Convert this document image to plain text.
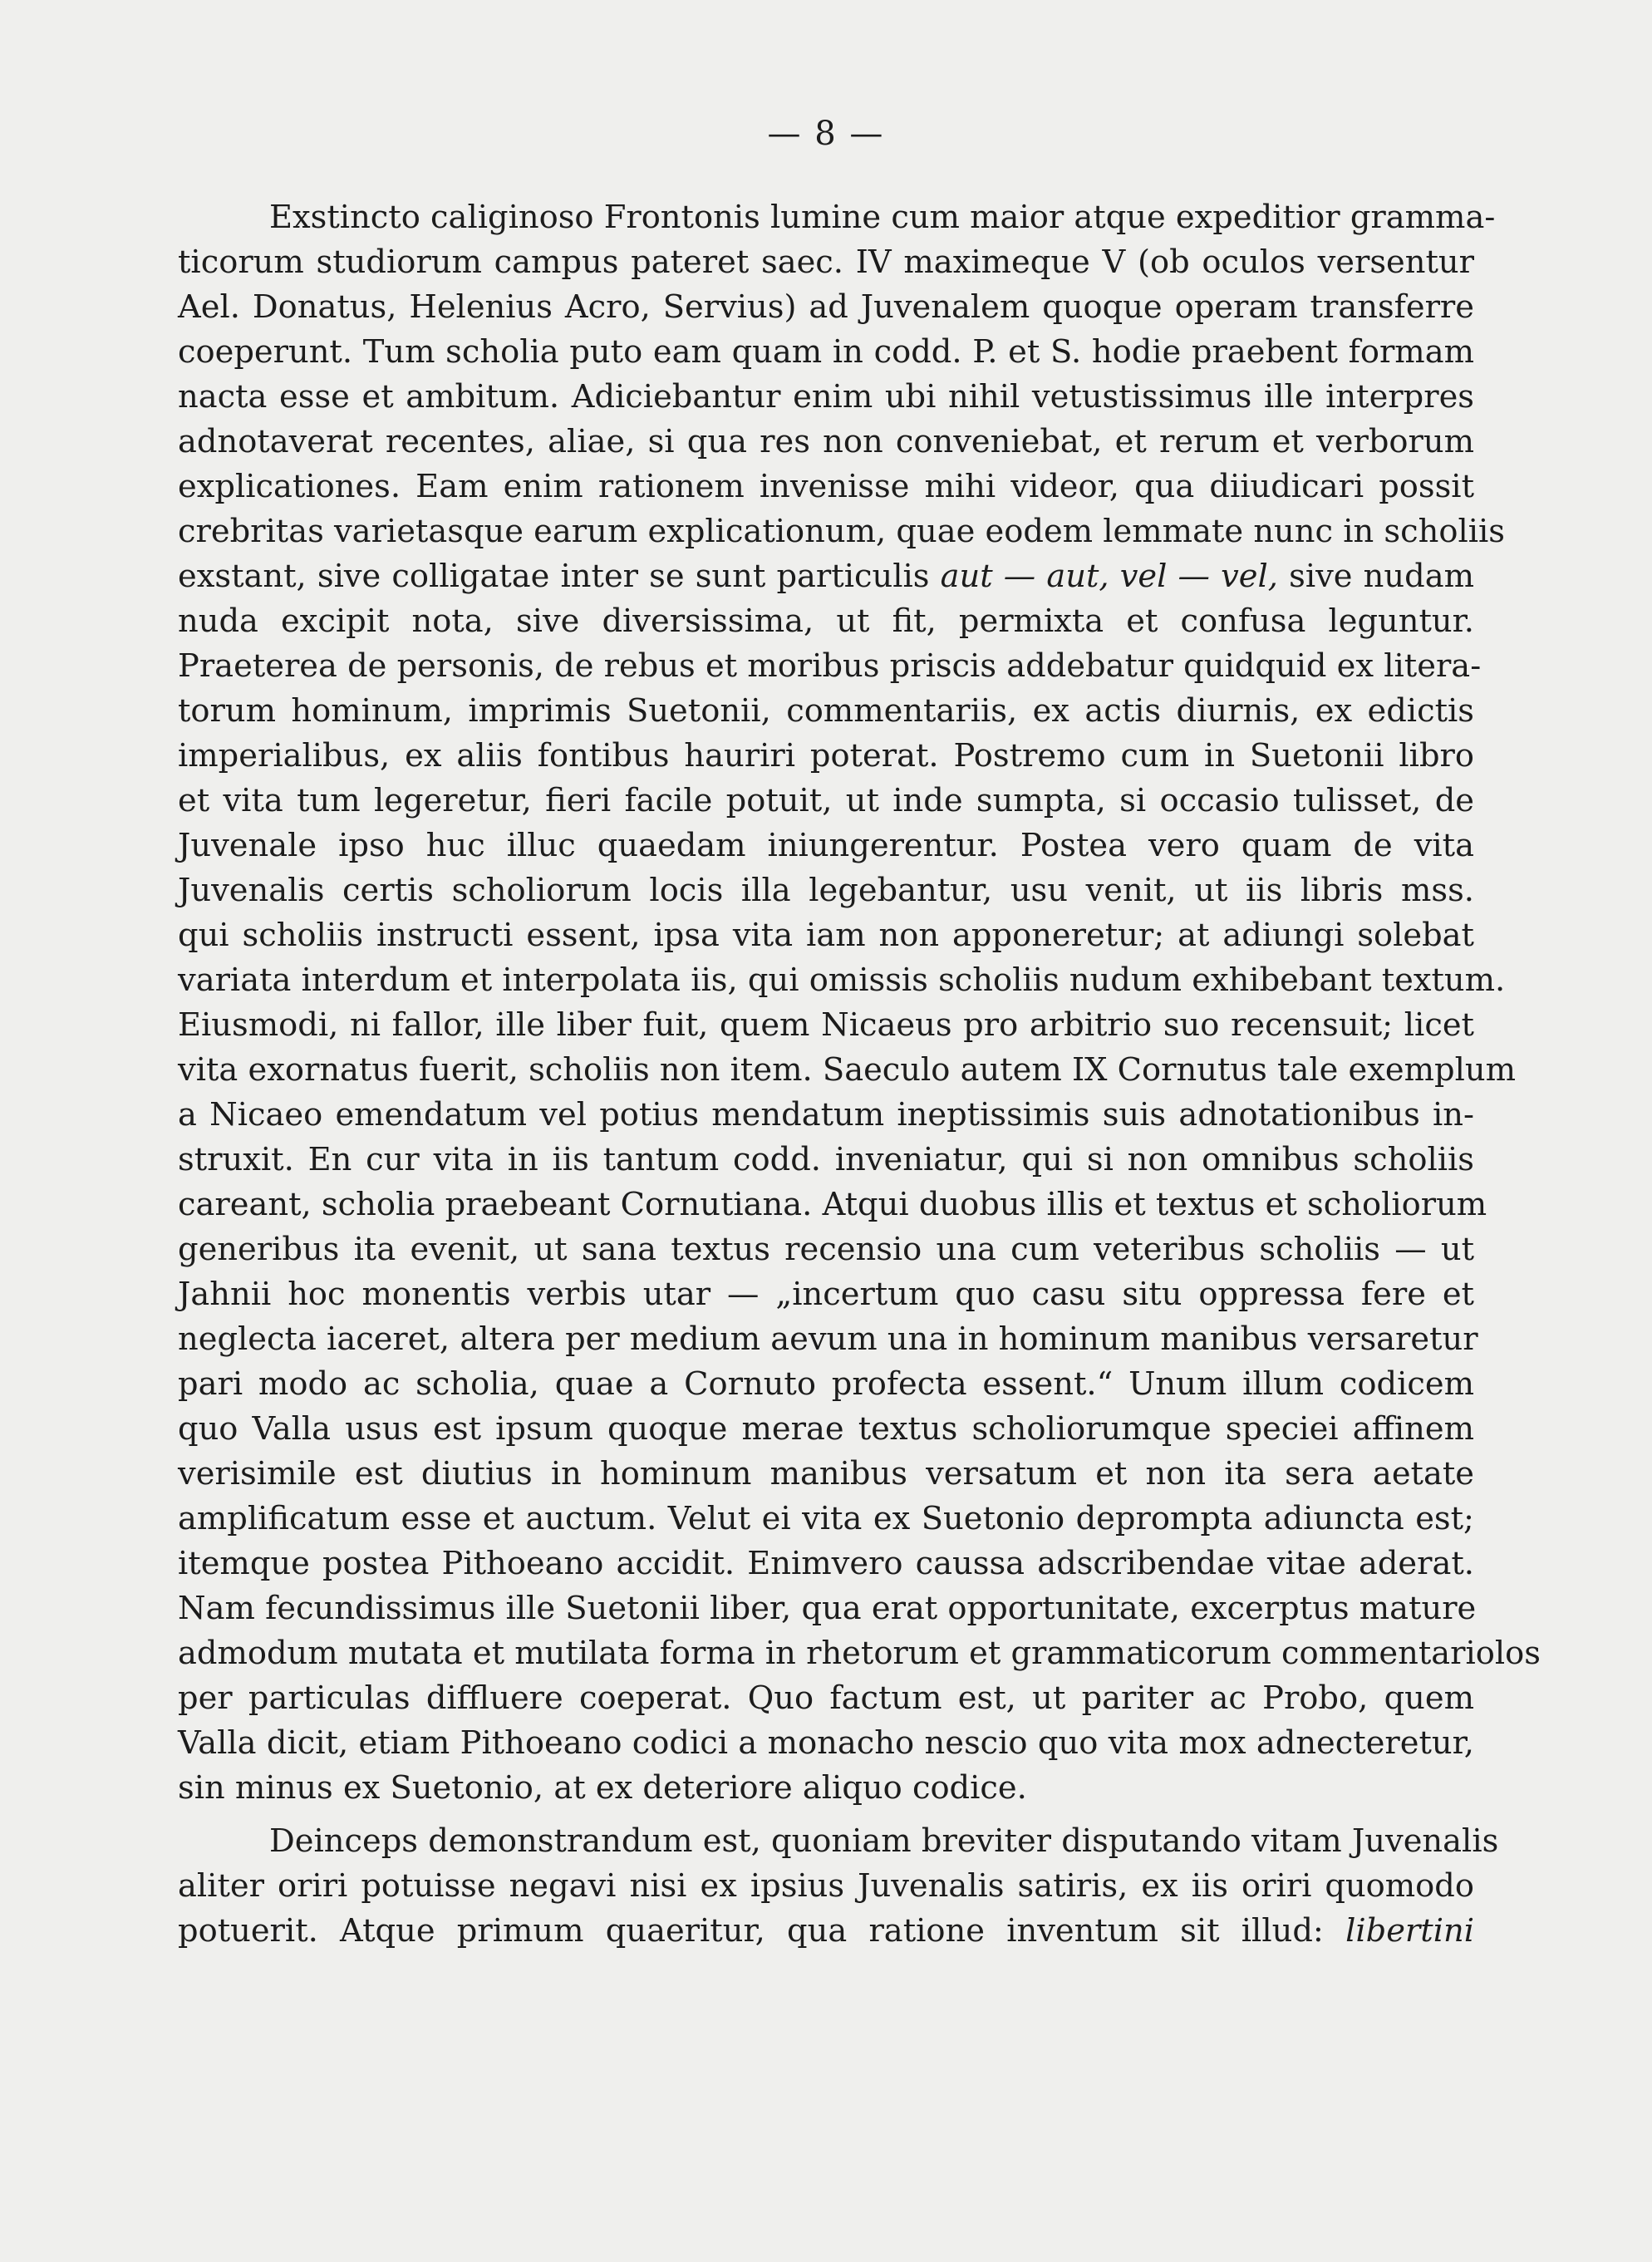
— 8 —
Exstincto caliginoso Frontonis lumine cum maior atque expeditior gramma-
ticorum studiorum campus pateret saec. IV maximeque V (ob oculos versentur
Ael. Donatus, Helenius Acro, Servius) ad Juvenalem quoque operam transferre
coeperunt. Tum scholia puto eam quam in codd. P. et S. hodie praebent formam
nacta esse et ambitum. Adiciebantur enim ubi nihil vetustissimus ille interpres
adnotaverat recentes, aliae, si qua res non conveniebat, et rerum et verborum
explicationes. Eam enim rationem invenisse mihi videor, qua diiudicari possit
crebritas varietasque earum explicationum, quae eodem lemmate nunc in scholiis
exstant, sive colligatae inter se sunt particulis aut — aut, vel — vel, sive nudam
nuda excipit nota, sive diversissima, ut fit, permixta et confusa leguntur.
Praeterea de personis, de rebus et moribus priscis addebatur quidquid ex litera-
torum hominum, imprimis Suetonii, commentariis, ex actis diurnis, ex edictis
imperialibus, ex aliis fontibus hauriri poterat. Postremo cum in Suetonii libro
et vita tum legeretur, fieri facile potuit, ut inde sumpta, si occasio tulisset, de
Juvenale ipso huc illuc quaedam iniungerentur. Postea vero quam de vita
Juvenalis certis scholiorum locis illa legebantur, usu venit, ut iis libris mss.
qui scholiis instructi essent, ipsa vita iam non apponeretur; at adiungi solebat
variata interdum et interpolata iis, qui omissis scholiis nudum exhibebant textum.
Eiusmodi, ni fallor, ille liber fuit, quem Nicaeus pro arbitrio suo recensuit; licet
vita exornatus fuerit, scholiis non item. Saeculo autem IX Cornutus tale exemplum
a Nicaeo emendatum vel potius mendatum ineptissimis suis adnotationibus in-
struxit. En cur vita in iis tantum codd. inveniatur, qui si non omnibus scholiis
careant, scholia praebeant Cornutiana. Atqui duobus illis et textus et scholiorum
generibus ita evenit, ut sana textus recensio una cum veteribus scholiis — ut
Jahnii hoc monentis verbis utar — „incertum quo casu situ oppressa fere et
neglecta iaceret, altera per medium aevum una in hominum manibus versaretur
pari modo ac scholia, quae a Cornuto profecta essent.“ Unum illum codicem
quo Valla usus est ipsum quoque merae textus scholiorumque speciei affinem
verisimile est diutius in hominum manibus versatum et non ita sera aetate
amplificatum esse et auctum. Velut ei vita ex Suetonio deprompta adiuncta est;
itemque postea Pithoeano accidit. Enimvero caussa adscribendae vitae aderat.
Nam fecundissimus ille Suetonii liber, qua erat opportunitate, excerptus mature
admodum mutata et mutilata forma in rhetorum et grammaticorum commentariolos
per particulas diffluere coeperat. Quo factum est, ut pariter ac Probo, quem
Valla dicit, etiam Pithoeano codici a monacho nescio quo vita mox adnecteretur,
sin minus ex Suetonio, at ex deteriore aliquo codice.
Deinceps demonstrandum est, quoniam breviter disputando vitam Juvenalis
aliter oriri potuisse negavi nisi ex ipsius Juvenalis satiris, ex iis oriri quomodo
potuerit. Atque primum quaeritur, qua ratione inventum sit illud: libertini
